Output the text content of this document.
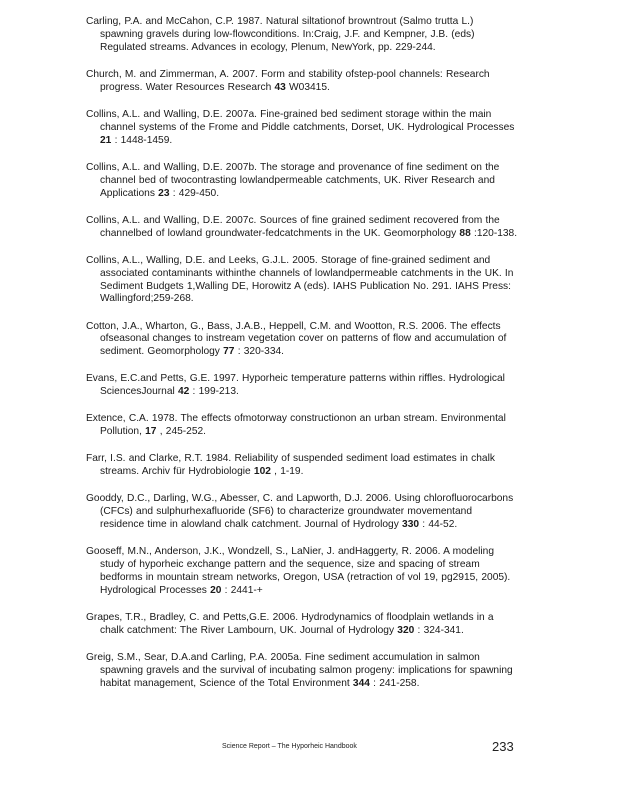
Carling, P.A. and McCahon, C.P. 1987. Natural siltationof browntrout (Salmo trutta L.) spawning gravels during low-flowconditions. In:Craig, J.F. and Kempner, J.B. (eds) Regulated streams. Advances in ecology, Plenum, NewYork, pp. 229-244.

Church, M. and Zimmerman, A. 2007. Form and stability ofstep-pool channels: Research progress. Water Resources Research 43 W03415.

Collins, A.L. and Walling, D.E. 2007a. Fine-grained bed sediment storage within the main channel systems of the Frome and Piddle catchments, Dorset, UK. Hydrological Processes 21 : 1448-1459.

Collins, A.L. and Walling, D.E. 2007b. The storage and provenance of fine sediment on the channel bed of twocontrasting lowlandpermeable catchments, UK. River Research and Applications 23 : 429-450.

Collins, A.L. and Walling, D.E. 2007c. Sources of fine grained sediment recovered from the channelbed of lowland groundwater-fedcatchments in the UK. Geomorphology 88 :120-138.

Collins, A.L., Walling, D.E. and Leeks, G.J.L. 2005. Storage of fine-grained sediment and associated contaminants withinthe channels of lowlandpermeable catchments in the UK. In Sediment Budgets 1,Walling DE, Horowitz A (eds). IAHS Publication No. 291. IAHS Press: Wallingford;259-268.

Cotton, J.A., Wharton, G., Bass, J.A.B., Heppell, C.M. and Wootton, R.S. 2006. The effects ofseasonal changes to instream vegetation cover on patterns of flow and accumulation of sediment. Geomorphology 77 : 320-334.

Evans, E.C.and Petts, G.E. 1997. Hyporheic temperature patterns within riffles. Hydrological SciencesJournal 42 : 199-213.

Extence, C.A. 1978. The effects ofmotorway constructionon an urban stream. Environmental Pollution, 17 , 245-252.

Farr, I.S. and Clarke, R.T. 1984. Reliability of suspended sediment load estimates in chalk streams. Archiv für Hydrobiologie 102 , 1-19.

Gooddy, D.C., Darling, W.G., Abesser, C. and Lapworth, D.J. 2006. Using chlorofluorocarbons (CFCs) and sulphurhexafluoride (SF6) to characterize groundwater movementand residence time in alowland chalk catchment. Journal of Hydrology 330 : 44-52.

Gooseff, M.N., Anderson, J.K., Wondzell, S., LaNier, J. andHaggerty, R. 2006. A modeling study of hyporheic exchange pattern and the sequence, size and spacing of stream bedforms in mountain stream networks, Oregon, USA (retraction of vol 19, pg2915, 2005). Hydrological Processes 20 : 2441-+

Grapes, T.R., Bradley, C. and Petts,G.E. 2006. Hydrodynamics of floodplain wetlands in a chalk catchment: The River Lambourn, UK. Journal of Hydrology 320 : 324-341.

Greig, S.M., Sear, D.A.and Carling, P.A. 2005a. Fine sediment accumulation in salmon spawning gravels and the survival of incubating salmon progeny: implications for spawning habitat management, Science of the Total Environment 344 : 241-258.

Science Report – The Hyporheic Handbook	233
